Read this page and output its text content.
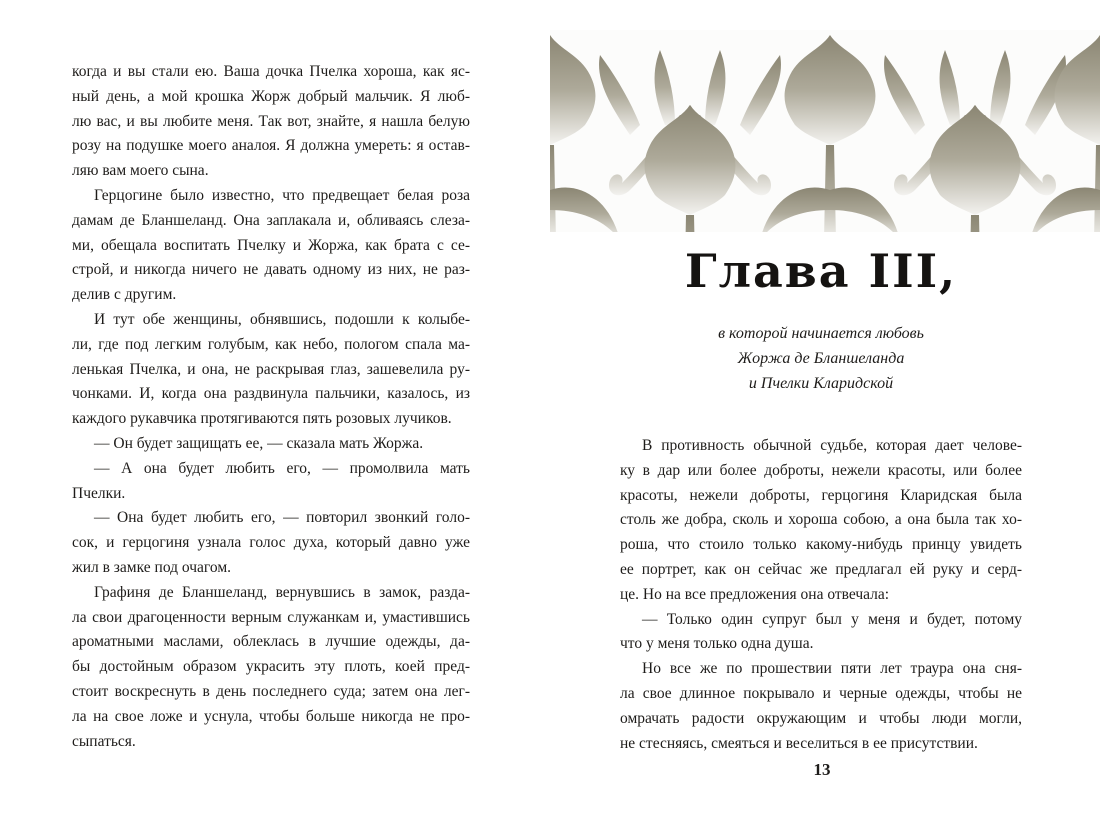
когда и вы стали ею. Ваша дочка Пчелка хороша, как яс-
ный день, а мой крошка Жорж добрый мальчик. Я люб-
лю вас, и вы любите меня. Так вот, знайте, я нашла белую
розу на подушке моего аналоя. Я должна умереть: я остав-
ляю вам моего сына.
Герцогине было известно, что предвещает белая роза
дамам де Бланшеланд. Она заплакала и, обливаясь слеза-
ми, обещала воспитать Пчелку и Жоржа, как брата с се-
строй, и никогда ничего не давать одному из них, не раз-
делив с другим.
И тут обе женщины, обнявшись, подошли к колыбе-
ли, где под легким голубым, как небо, пологом спала ма-
ленькая Пчелка, и она, не раскрывая глаз, зашевелила ру-
чонками. И, когда она раздвинула пальчики, казалось, из
каждого рукавчика протягиваются пять розовых лучиков.
— Он будет защищать ее, — сказала мать Жоржа.
— А она будет любить его, — промолвила мать
Пчелки.
— Она будет любить его, — повторил звонкий голо-
сок, и герцогиня узнала голос духа, который давно уже
жил в замке под очагом.
Графиня де Бланшеланд, вернувшись в замок, разда-
ла свои драгоценности верным служанкам и, умастившись
ароматными маслами, облеклась в лучшие одежды, да-
бы достойным образом украсить эту плоть, коей пред-
стоит воскреснуть в день последнего суда; затем она лег-
ла на свое ложе и уснула, чтобы больше никогда не про-
сыпаться.
Глава III,
в которой начинается любовь
Жоржа де Бланшеланда
и Пчелки Кларидской
В противность обычной судьбе, которая дает челове-
ку в дар или более доброты, нежели красоты, или более
красоты, нежели доброты, герцогиня Кларидская была
столь же добра, сколь и хороша собою, а она была так хо-
роша, что стоило только какому-нибудь принцу увидеть
ее портрет, как он сейчас же предлагал ей руку и серд-
це. Но на все предложения она отвечала:
— Только один супруг был у меня и будет, потому
что у меня только одна душа.
Но все же по прошествии пяти лет траура она сня-
ла свое длинное покрывало и черные одежды, чтобы не
омрачать радости окружающим и чтобы люди могли,
не стесняясь, смеяться и веселиться в ее присутствии.
13
